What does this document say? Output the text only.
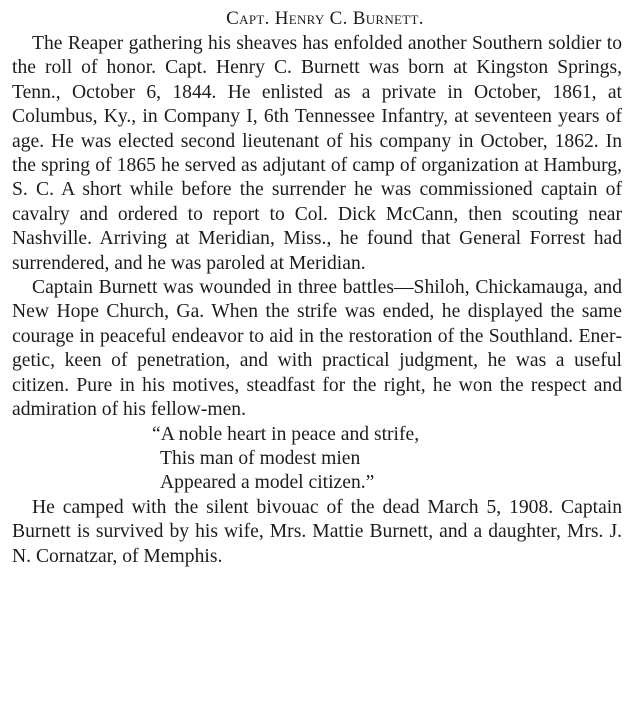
Capt. Henry C. Burnett.

The Reaper gathering his sheaves has enfolded another Southern soldier to the roll of honor. Capt. Henry C. Burnett was born at Kingston Springs, Tenn., October 6, 1844. He enlisted as a private in October, 1861, at Columbus, Ky., in Company I, 6th Tennessee Infantry, at seventeen years of age. He was elected second lieutenant of his company in October, 1862. In the spring of 1865 he served as adjutant of camp of organization at Hamburg, S. C. A short while before the surrender he was commissioned captain of cavalry and ordered to report to Col. Dick McCann, then scouting near Nashville. Arriving at Meridian, Miss., he found that General Forrest had surrendered, and he was paroled at Meridian.

Captain Burnett was wounded in three battles—Shiloh, Chickamauga, and New Hope Church, Ga. When the strife was ended, he displayed the same courage in peaceful endeavor to aid in the restoration of the Southland. Energetic, keen of penetration, and with practical judgment, he was a useful citizen. Pure in his motives, steadfast for the right, he won the respect and admiration of his fellow-men.

“A noble heart in peace and strife,
This man of modest mien
Appeared a model citizen.”

He camped with the silent bivouac of the dead March 5, 1908. Captain Burnett is survived by his wife, Mrs. Mattie Burnett, and a daughter, Mrs. J. N. Cornatzar, of Memphis.
